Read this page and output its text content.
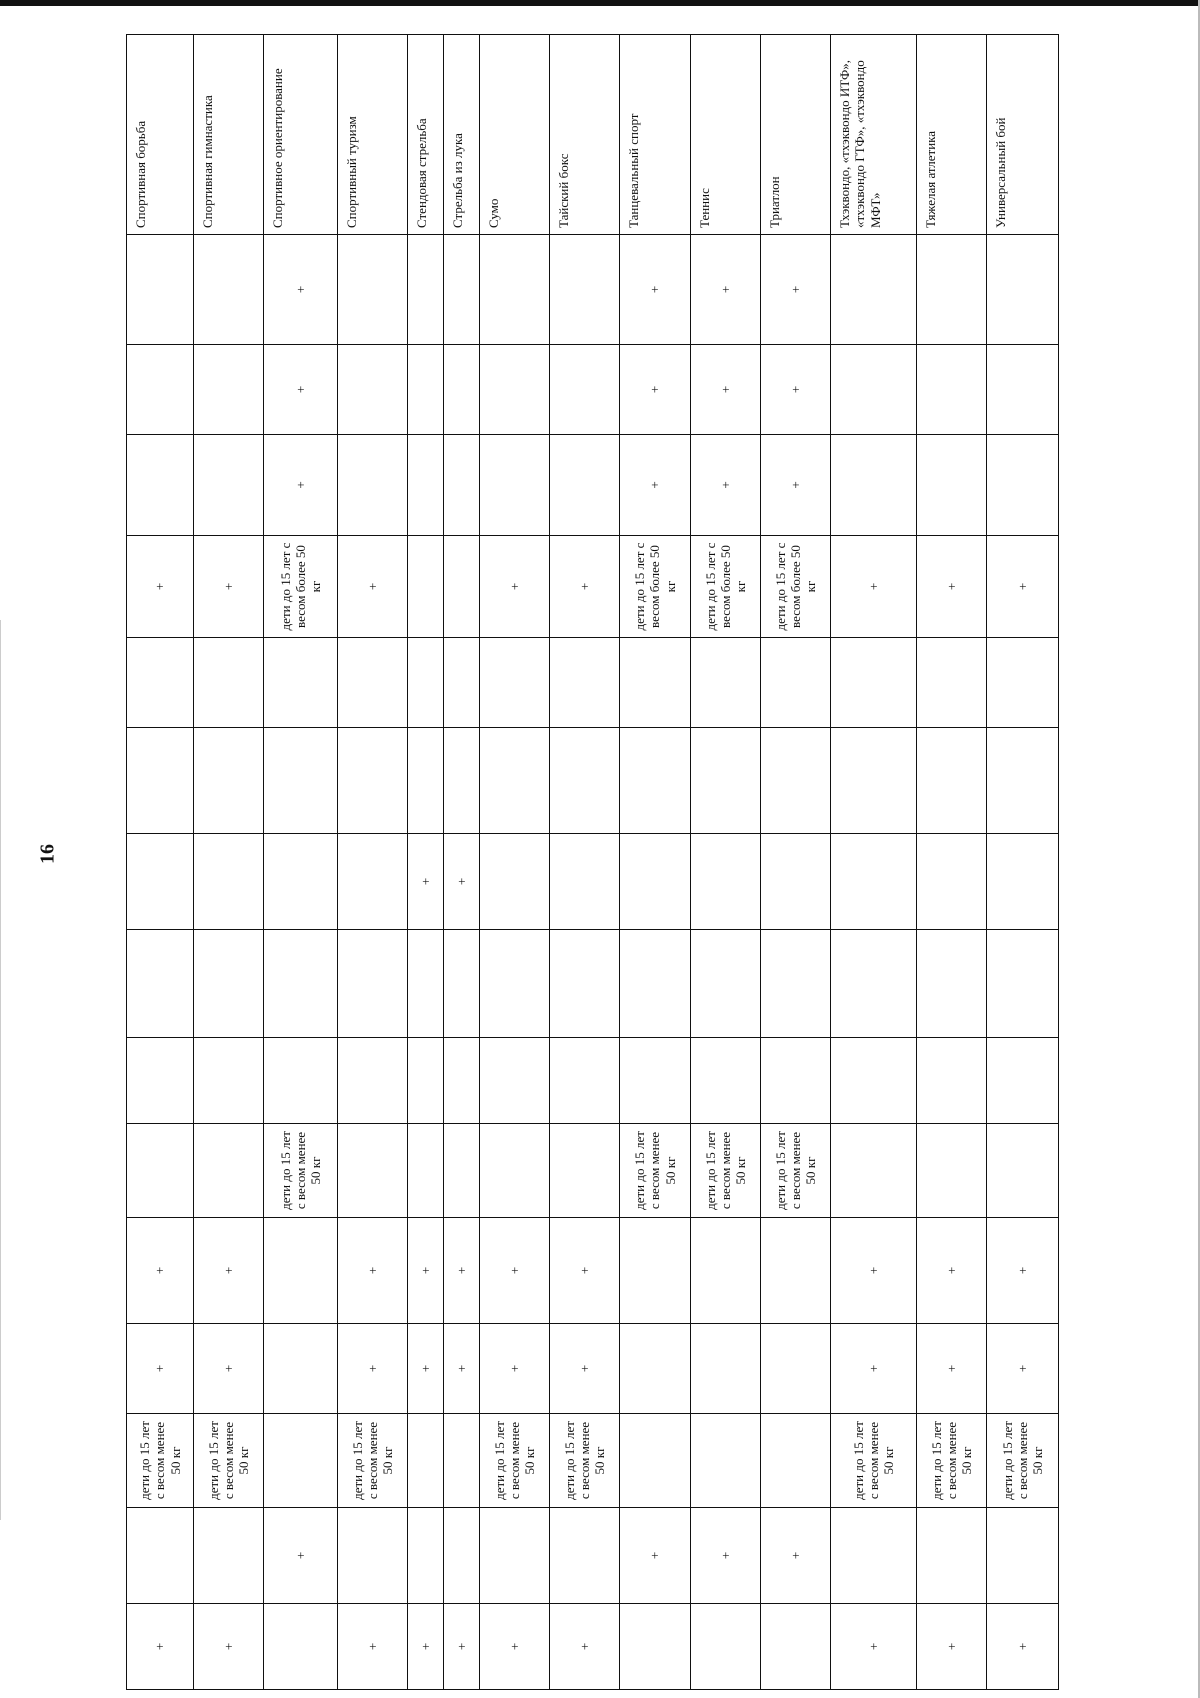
16
+		дети до 15 лет с весом менее 50 кг	+	+							+				Спортивная борьба
+		дети до 15 лет с весом менее 50 кг	+	+							+				Спортивная гимнастика
	+				дети до 15 лет с весом менее 50 кг						дети до 15 лет с весом более 50 кг	+	+	+	Спортивное ориентирование
+		дети до 15 лет с весом менее 50 кг	+	+							+				Спортивный туризм
+			+	+				+							Стендовая стрельба
+			+	+				+							Стрельба из лука
+		дети до 15 лет с весом менее 50 кг	+	+							+				Сумо
+		дети до 15 лет с весом менее 50 кг	+	+							+				Тайский бокс
	+				дети до 15 лет с весом менее 50 кг						дети до 15 лет с весом более 50 кг	+	+	+	Танцевальный спорт
	+				дети до 15 лет с весом менее 50 кг						дети до 15 лет с весом более 50 кг	+	+	+	Теннис
	+				дети до 15 лет с весом менее 50 кг						дети до 15 лет с весом более 50 кг	+	+	+	Триатлон
+		дети до 15 лет с весом менее 50 кг	+	+							+				Тхэквондо, «тхэквондо ИТФ», «тхэквондо ГТФ», «тхэквондо МФТ»
+		дети до 15 лет с весом менее 50 кг	+	+							+				Тяжелая атлетика
+		дети до 15 лет с весом менее 50 кг	+	+							+				Универсальный бой
